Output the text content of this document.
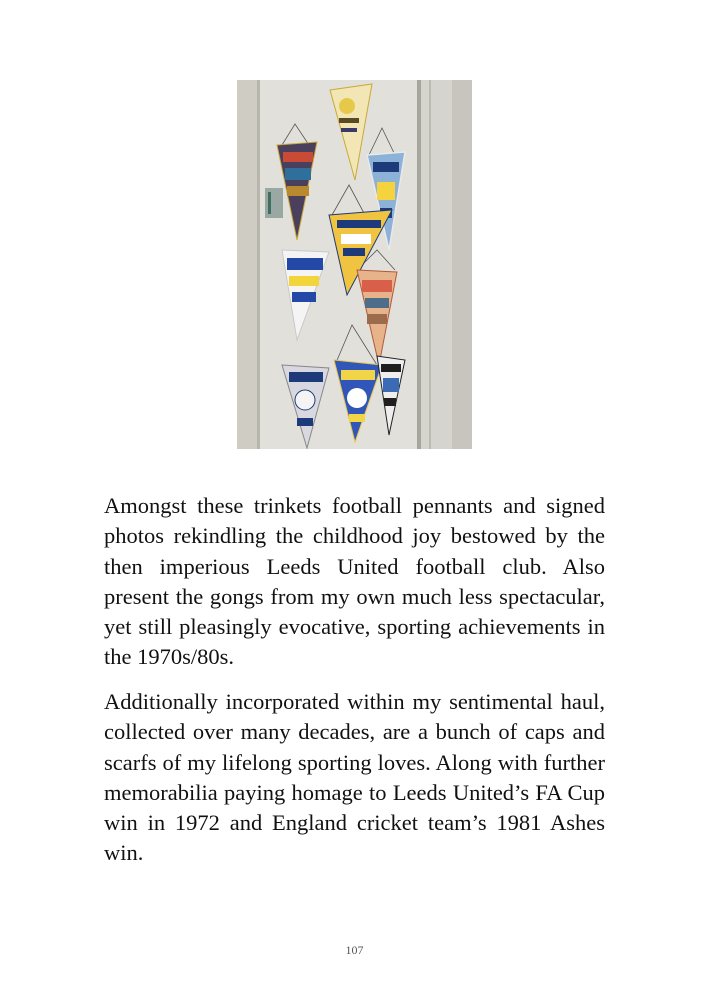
Amongst these trinkets football pennants and signed photos rekindling the childhood joy bestowed by the then imperious Leeds United football club. Also present the gongs from my own much less spectacular, yet still pleasingly evocative, sporting achievements in the 1970s/80s.

Additionally incorporated within my sentimental haul, collected over many decades, are a bunch of caps and scarfs of my lifelong sporting loves. Along with further memorabilia paying homage to Leeds United’s FA Cup win in 1972 and England cricket team’s 1981 Ashes win.

107
